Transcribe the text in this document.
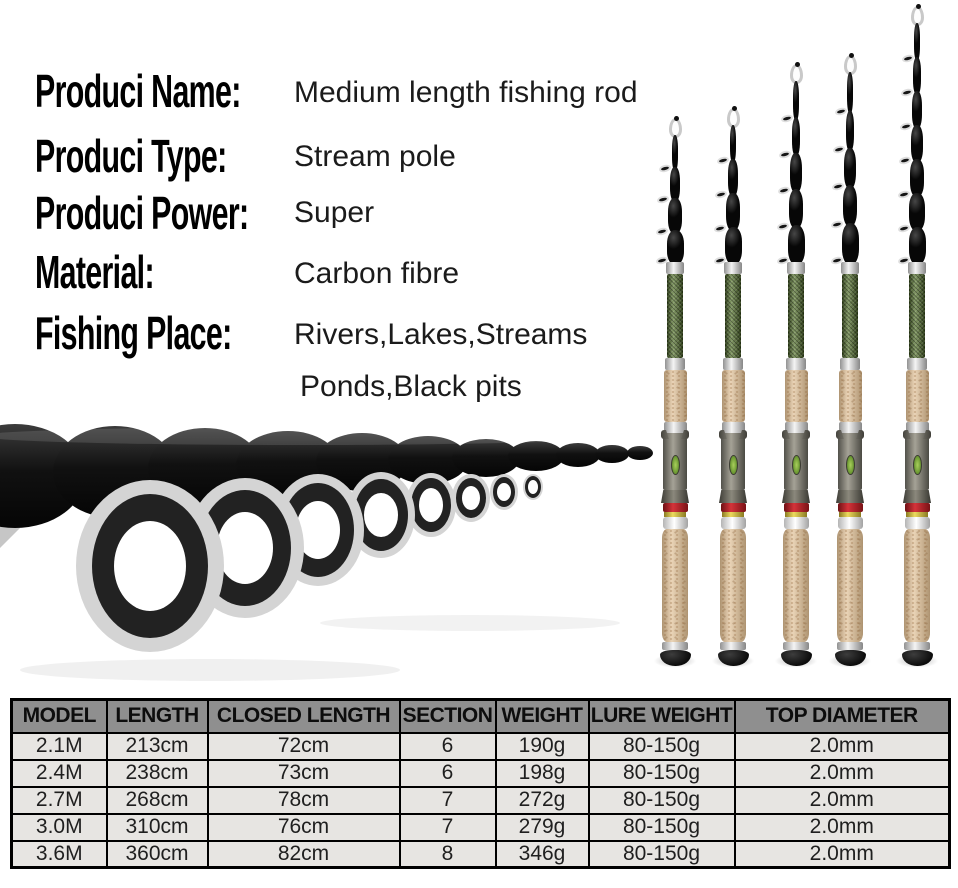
Produci Name: Medium length fishing rod
Produci Type: Stream pole
Produci Power: Super
Material:	Carbon fibre
Fishing Place: Rivers,Lakes,Streams
Ponds,Black pits
MODEL	LENGTH	CLOSED LENGTH	SECTION	WEIGHT	LURE WEIGHT	TOP DIAMETER
2.1M	213cm	72cm	6	190g	80-150g	2.0mm
2.4M	238cm	73cm	6	198g	80-150g	2.0mm
2.7M	268cm	78cm	7	272g	80-150g	2.0mm
3.0M	310cm	76cm	7	279g	80-150g	2.0mm
3.6M	360cm	82cm	8	346g	80-150g	2.0mm
